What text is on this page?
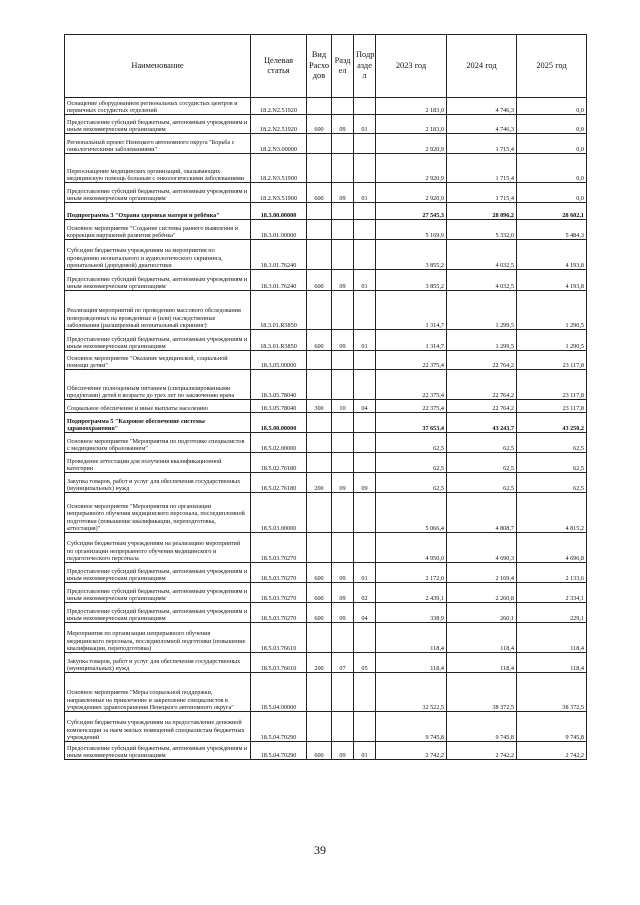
Наименование	Целевая статья	Вид Расхо дов	Разд ел	Подр азде л	2023 год	2024 год	2025 год
Оснащение оборудованием региональных сосудистых центров и первичных сосудистых отделений	18.2.N2.51920				2 183,0	4 746,3	0,0
Предоставление субсидий бюджетным, автономным учреждениям и иным некоммерческим организациям	18.2.N2.51920	600	09	01	2 183,0	4 746,3	0,0
Региональный проект Ненецкого автономного округа "Борьба с онкологическими заболеваниями"	18.2.N3.00000				2 920,9	1 715,4	0,0
Переоснащение медицинских организаций, оказывающих медицинскую помощь больным с онкологическими заболеваниями	18.2.N3.51900				2 920,9	1 715,4	0,0
Предоставление субсидий бюджетным, автономным учреждениям и иным некоммерческим организациям	18.2.N3.51900	600	09	01	2 920,9	1 715,4	0,0
Подпрограмма 3 "Охрана здоровья матери и ребёнка"	18.3.00.00000				27 545,3	28 096,2	28 602,1
Основное мероприятие "Создание системы раннего выявления и коррекции нарушений развития ребёнка"	18.3.01.00000				5 169,9	5 332,0	5 484,3
Субсидии бюджетным учреждениям на мероприятия по проведению неонатального и аудиологического скрининга, пренатальной (дородовой) диагностики	18.3.01.76240				3 855,2	4 032,5	4 193,8
Предоставление субсидий бюджетным, автономным учреждениям и иным некоммерческим организациям	18.3.01.76240	600	09	01	3 855,2	4 032,5	4 193,8
Реализация мероприятий по проведению массового обследования новорожденных на врожденные и (или) наследственные заболевания (расширенный неонатальный скрининг)	18.3.01.R3850				1 314,7	1 299,5	1 290,5
Предоставление субсидий бюджетным, автономным учреждениям и иным некоммерческим организациям	18.3.01.R3850	600	09	01	1 314,7	1 299,5	1 290,5
Основное мероприятие "Оказание медицинской, социальной помощи детям"	18.3.05.00000				22 375,4	22 764,2	23 117,8
Обеспечение полноценным питанием (специализированными продуктами) детей в возрасте до трех лет по заключению врача	18.3.05.78040				22 375,4	22 764,2	23 117,8
Социальное обеспечение и иные выплаты населению	18.3.05.78040	300	10	04	22 375,4	22 764,2	23 117,8
Подпрограмма 5 "Казровое обеспечение системы здравоохранения"	18.5.00.00000				37 653,4	43 243,7	43 250,2
Основное мероприятие "Мероприятия по подготовке специалистов с медицинским образованием"	18.5.02.00000				62,5	62,5	62,5
Проведение аттестации для получения квалификационной категории	18.5.02.76180				62,5	62,5	62,5
Закупка товаров, работ и услуг для обеспечения государственных (муниципальных) нужд	18.5.02.76180	200	09	09	62,5	62,5	62,5
Основное мероприятие "Мероприятия по организации непрерывного обучения медицинского персонала, последипломной подготовки (повышение квалификации, переподготовка, аттестация)"	18.5.03.00000				5 066,4	4 808,7	4 815,2
Субсидии бюджетным учреждениям на реализацию мероприятий по организации непрерывного обучения медицинского и педагогического персонала	18.5.03.70270				4 950,0	4 690,3	4 696,8
Предоставление субсидий бюджетным, автономным учреждениям и иным некоммерческим организациям	18.5.03.70270	600	09	01	2 172,0	2 169,4	2 133,6
Предоставление субсидий бюджетным, автономным учреждениям и иным некоммерческим организациям	18.5.03.70270	600	09	02	2 439,1	2 260,8	2 334,1
Предоставление субсидий бюджетным, автономным учреждениям и иным некоммерческим организациям	18.5.03.70270	600	09	04	338,9	260,1	229,1
Мероприятия по организации непрерывного обучения медицинского персонала, последипломной подготовки (повышение квалификации, переподготовка)	18.5.03.76610				118,4	118,4	118,4
Закупка товаров, работ и услуг для обеспечения государственных (муниципальных) нужд	18.5.03.76610	200	07	05	118,4	118,4	118,4
Основное мероприятие "Меры социальной поддержки, направленные на привлечение и закрепление специалистов в учреждениях здравоохранения Ненецкого автономного округа"	18.5.04.00000				32 522,5	38 372,5	38 372,5
Субсидии бюджетным учреждениям на предоставление денежной компенсации за наем жилых помещений специалистам бюджетных учреждений	18.5.04.70290				9 745,8	9 745,8	9 745,8
Предоставление субсидий бюджетным, автономным учреждениям и иным некоммерческим организациям	18.5.04.70290	600	09	01	2 742,2	2 742,2	2 742,2
39
